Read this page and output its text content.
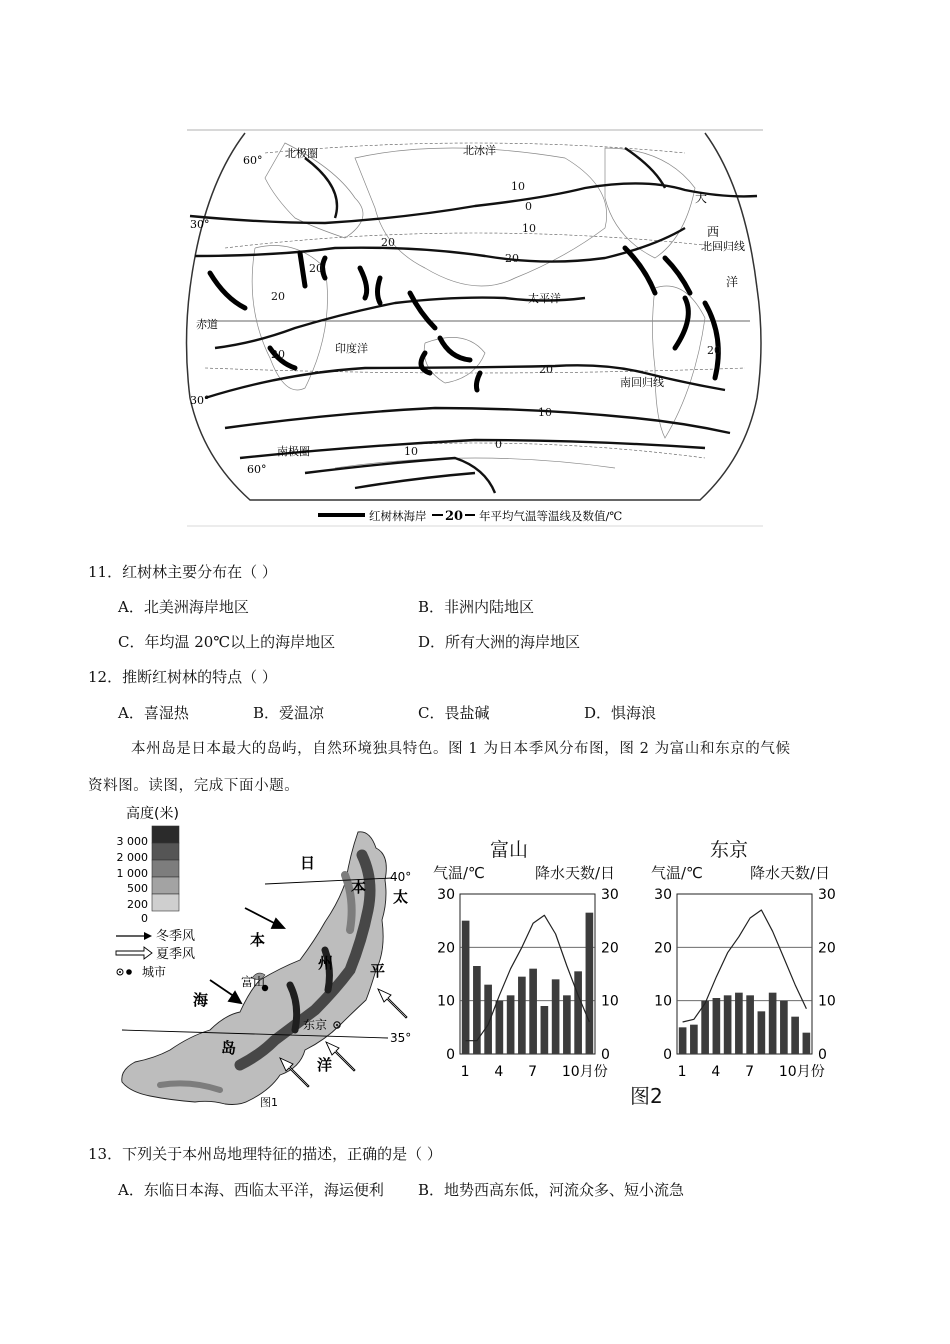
北极圈	北冰洋
北回归线
赤道
印度洋
太平洋
南回归线
南极圈
大
西
洋
60°
30°
30°
60°
10
0
20
10
20
20
20
20
20
10
0
10
20
红树林海岸 20 年平均气温等温线及数值/℃
11．红树林主要分布在（ ）
A．北美洲海岸地区	B．非洲内陆地区
C．年均温 20℃以上的海岸地区	D．所有大洲的海岸地区
12．推断红树林的特点（ ）
A．喜湿热	B．爱温凉	C．畏盐碱	D．惧海浪
本州岛是日本最大的岛屿，自然环境独具特色。图 1 为日本季风分布图，图 2 为富山和东京的气候
资料图。读图，完成下面小题。
高度(米)
3 000
2 000
1 000
500
200
0
冬季风
夏季风
城市
40°
35°
日
本
海
太
平
洋
本
州
岛
富山
东京
图1
富山
气温/℃	降水天数/日
东京
气温/℃	降水天数/日
0	0
10	10
20	20
30	30
1 4 7 10月份
0	0
10	10
20	20
30	30
1 4 7 10月份
图2
13．下列关于本州岛地理特征的描述，正确的是（ ）
A．东临日本海、西临太平洋，海运便利 B．地势西高东低，河流众多、短小流急
